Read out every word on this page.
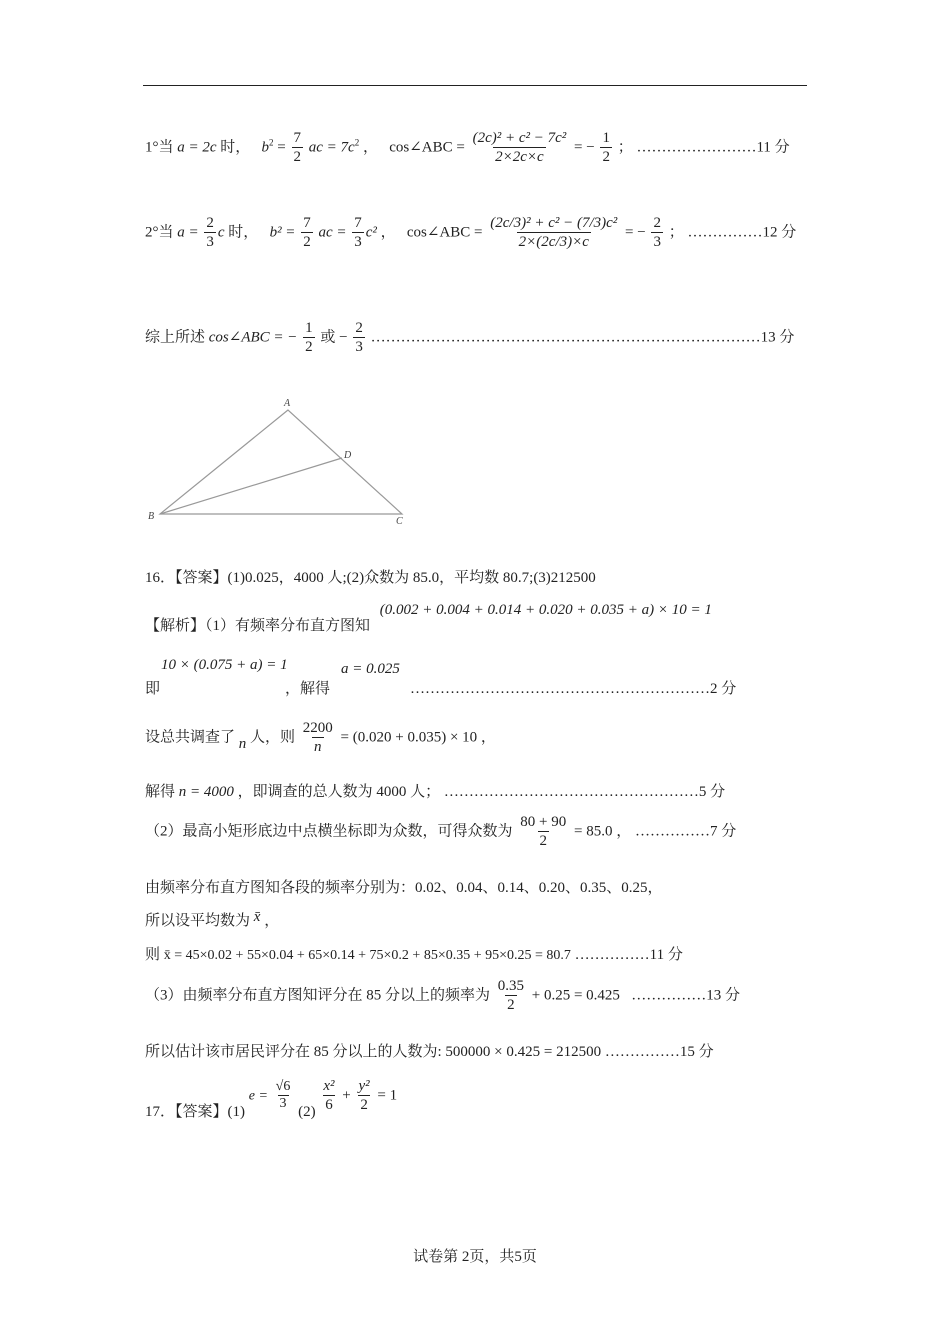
1°当 a = 2c 时， $b^2 = \frac{7}{2}$ ac = $7c^2$ ， cos∠ABC = $\frac{\text{(2c)² + c² − 7c²}}{2\times 2c\times c}$ = − $\frac{1}{2}$ ； ……………………11 分
2°当 $a = \frac{2}{3}$ c 时， $b^2 = \frac{7}{2}$ ac = $\frac{7}{3} c^2$ ， cos∠ABC = $\frac{\text{(2c/3)² + c² − (7/3)c²}}{2\times(2c/3)\times c}$ = − $\frac{2}{3}$ ； ……………12 分
综上所述 cos∠ABC = − $\frac{1}{2}$ 或 − $\frac{2}{3}$ ……………………………………………………………………13 分
A
B	C
D
16．【答案】(1)0.025，4000 人;(2)众数为 85.0，平均数 80.7;(3)212500
【解析】（1）有频率分布直方图知 (0.002 + 0.004 + 0.014 + 0.020 + 0.035 + a) × 10 = 1
即
10 × (0.075 + a) = 1
，解得
a = 0.025
……………………………………………………2 分
设总共调查了 n 人，则 $\frac{2200}{n} = (0.020 + 0.035) \times 10$ ，
解得 n = 4000 ，即调查的总人数为 4000 人； ……………………………………………5 分
（2）最高小矩形底边中点横坐标即为众数，可得众数为 $\frac{80 + 90}{2} = 85.0$ ， ……………7 分
由频率分布直方图知各段的频率分别为：0.02、0.04、0.14、0.20、0.35、0.25，
所以设平均数为 x̄ ，
则 x̄ = 45×0.02 + 55×0.04 + 65×0.14 + 75×0.2 + 85×0.35 + 95×0.25 = 80.7 ……………11 分
（3）由频率分布直方图知评分在 85 分以上的频率为 $\frac{0.35}{2} + 0.25 = 0.425$ ……………13 分
所以估计该市居民评分在 85 分以上的人数为: 500000 × 0.425 = 212500 ……………15 分
17．【答案】(1) $e = \frac{√6}{3} (2) \frac{\text{x²}}{6} + \frac{\text{y²}}{2} = 1$
试卷第 2页，共5页
